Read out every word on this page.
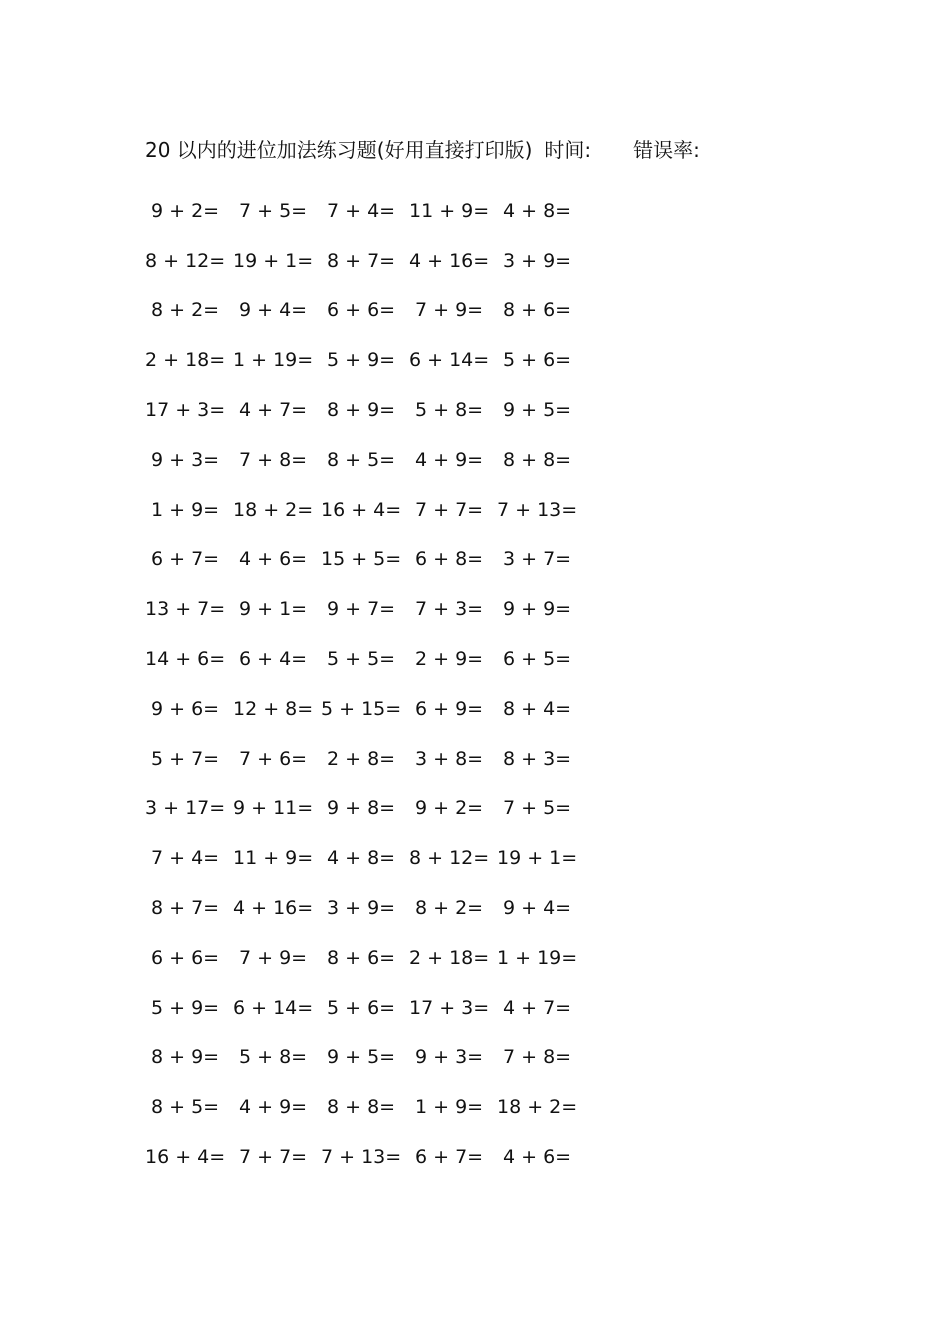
20 以内的进位加法练习题(好用直接打印版) 时间: 错误率:
9 + 2=	7 + 5=	7 + 4= 11 + 9= 4 + 8=
8 + 12= 19 + 1= 8 + 7= 4 + 16= 3 + 9=
8 + 2=	9 + 4=	6 + 6=	7 + 9=	8 + 6=
2 + 18= 1 + 19= 5 + 9= 6 + 14= 5 + 6=
17 + 3= 4 + 7=	8 + 9=	5 + 8=	9 + 5=
9 + 3=	7 + 8=	8 + 5=	4 + 9=	8 + 8=
1 + 9= 18 + 2= 16 + 4= 7 + 7= 7 + 13=
6 + 7=	4 + 6= 15 + 5= 6 + 8=	3 + 7=
13 + 7= 9 + 1=	9 + 7=	7 + 3=	9 + 9=
14 + 6= 6 + 4=	5 + 5=	2 + 9=	6 + 5=
9 + 6= 12 + 8= 5 + 15= 6 + 9=	8 + 4=
5 + 7=	7 + 6=	2 + 8=	3 + 8=	8 + 3=
3 + 17= 9 + 11= 9 + 8=	9 + 2=	7 + 5=
7 + 4= 11 + 9= 4 + 8= 8 + 12= 19 + 1=
8 + 7= 4 + 16= 3 + 9=	8 + 2=	9 + 4=
6 + 6=	7 + 9=	8 + 6= 2 + 18= 1 + 19=
5 + 9= 6 + 14= 5 + 6= 17 + 3= 4 + 7=
8 + 9=	5 + 8=	9 + 5=	9 + 3=	7 + 8=
8 + 5=	4 + 9=	8 + 8=	1 + 9= 18 + 2=
16 + 4= 7 + 7= 7 + 13= 6 + 7=	4 + 6=
